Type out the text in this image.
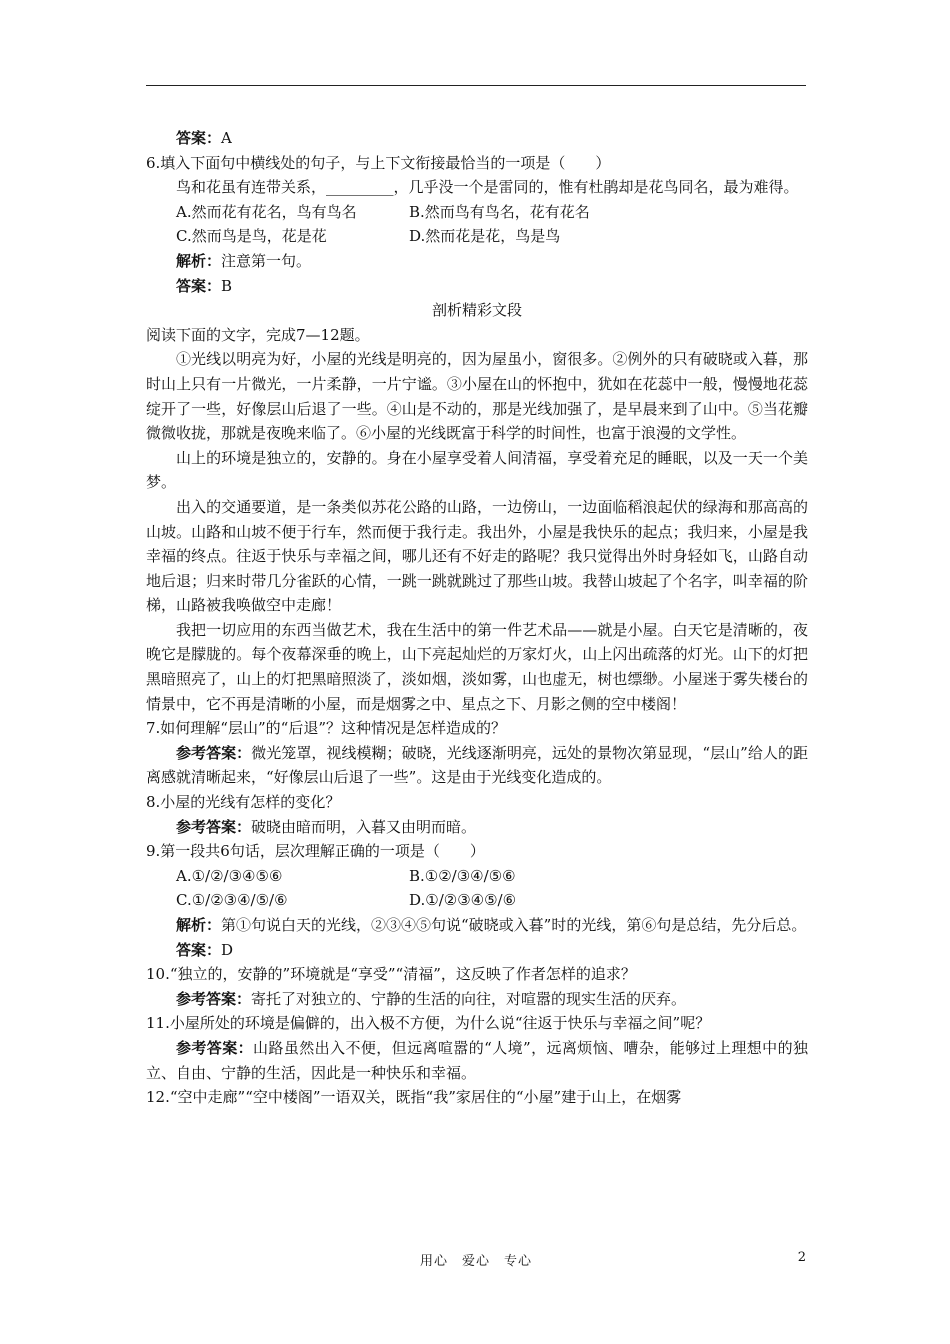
答案：A

6.填入下面句中横线处的句子，与上下文衔接最恰当的一项是（　　）

鸟和花虽有连带关系，_________，几乎没一个是雷同的，惟有杜鹃却是花鸟同名，最为难得。

A.然而花有花名，鸟有鸟名	B.然而鸟有鸟名，花有花名
C.然而鸟是鸟，花是花	D.然而花是花，鸟是鸟

解析：注意第一句。

答案：B

剖析精彩文段

阅读下面的文字，完成7—12题。

①光线以明亮为好，小屋的光线是明亮的，因为屋虽小，窗很多。②例外的只有破晓或入暮，那时山上只有一片微光，一片柔静，一片宁谧。③小屋在山的怀抱中，犹如在花蕊中一般，慢慢地花蕊绽开了一些，好像层山后退了一些。④山是不动的，那是光线加强了，是早晨来到了山中。⑤当花瓣微微收拢，那就是夜晚来临了。⑥小屋的光线既富于科学的时间性，也富于浪漫的文学性。

山上的环境是独立的，安静的。身在小屋享受着人间清福，享受着充足的睡眠，以及一天一个美梦。

出入的交通要道，是一条类似苏花公路的山路，一边傍山，一边面临稻浪起伏的绿海和那高高的山坡。山路和山坡不便于行车，然而便于我行走。我出外，小屋是我快乐的起点；我归来，小屋是我幸福的终点。往返于快乐与幸福之间，哪儿还有不好走的路呢？我只觉得出外时身轻如飞，山路自动地后退；归来时带几分雀跃的心情，一跳一跳就跳过了那些山坡。我替山坡起了个名字，叫幸福的阶梯，山路被我唤做空中走廊！

我把一切应用的东西当做艺术，我在生活中的第一件艺术品——就是小屋。白天它是清晰的，夜晚它是朦胧的。每个夜幕深垂的晚上，山下亮起灿烂的万家灯火，山上闪出疏落的灯光。山下的灯把黑暗照亮了，山上的灯把黑暗照淡了，淡如烟，淡如雾，山也虚无，树也缥缈。小屋迷于雾失楼台的情景中，它不再是清晰的小屋，而是烟雾之中、星点之下、月影之侧的空中楼阁！

7.如何理解“层山”的“后退”？这种情况是怎样造成的？

参考答案：微光笼罩，视线模糊；破晓，光线逐渐明亮，远处的景物次第显现，“层山”给人的距离感就清晰起来，“好像层山后退了一些”。这是由于光线变化造成的。

8.小屋的光线有怎样的变化？

参考答案：破晓由暗而明，入暮又由明而暗。

9.第一段共6句话，层次理解正确的一项是（　　）

A.①/②/③④⑤⑥	B.①②/③④/⑤⑥
C.①/②③④/⑤/⑥	D.①/②③④⑤/⑥

解析：第①句说白天的光线，②③④⑤句说“破晓或入暮”时的光线，第⑥句是总结，先分后总。

答案：D

10.“独立的，安静的”环境就是“享受”“清福”，这反映了作者怎样的追求？

参考答案：寄托了对独立的、宁静的生活的向往，对喧嚣的现实生活的厌弃。

11.小屋所处的环境是偏僻的，出入极不方便，为什么说“往返于快乐与幸福之间”呢？

参考答案：山路虽然出入不便，但远离喧嚣的“人境”，远离烦恼、嘈杂，能够过上理想中的独立、自由、宁静的生活，因此是一种快乐和幸福。

12.“空中走廊”“空中楼阁”一语双关，既指“我”家居住的“小屋”建于山上，在烟雾

用心　爱心　专心	2
